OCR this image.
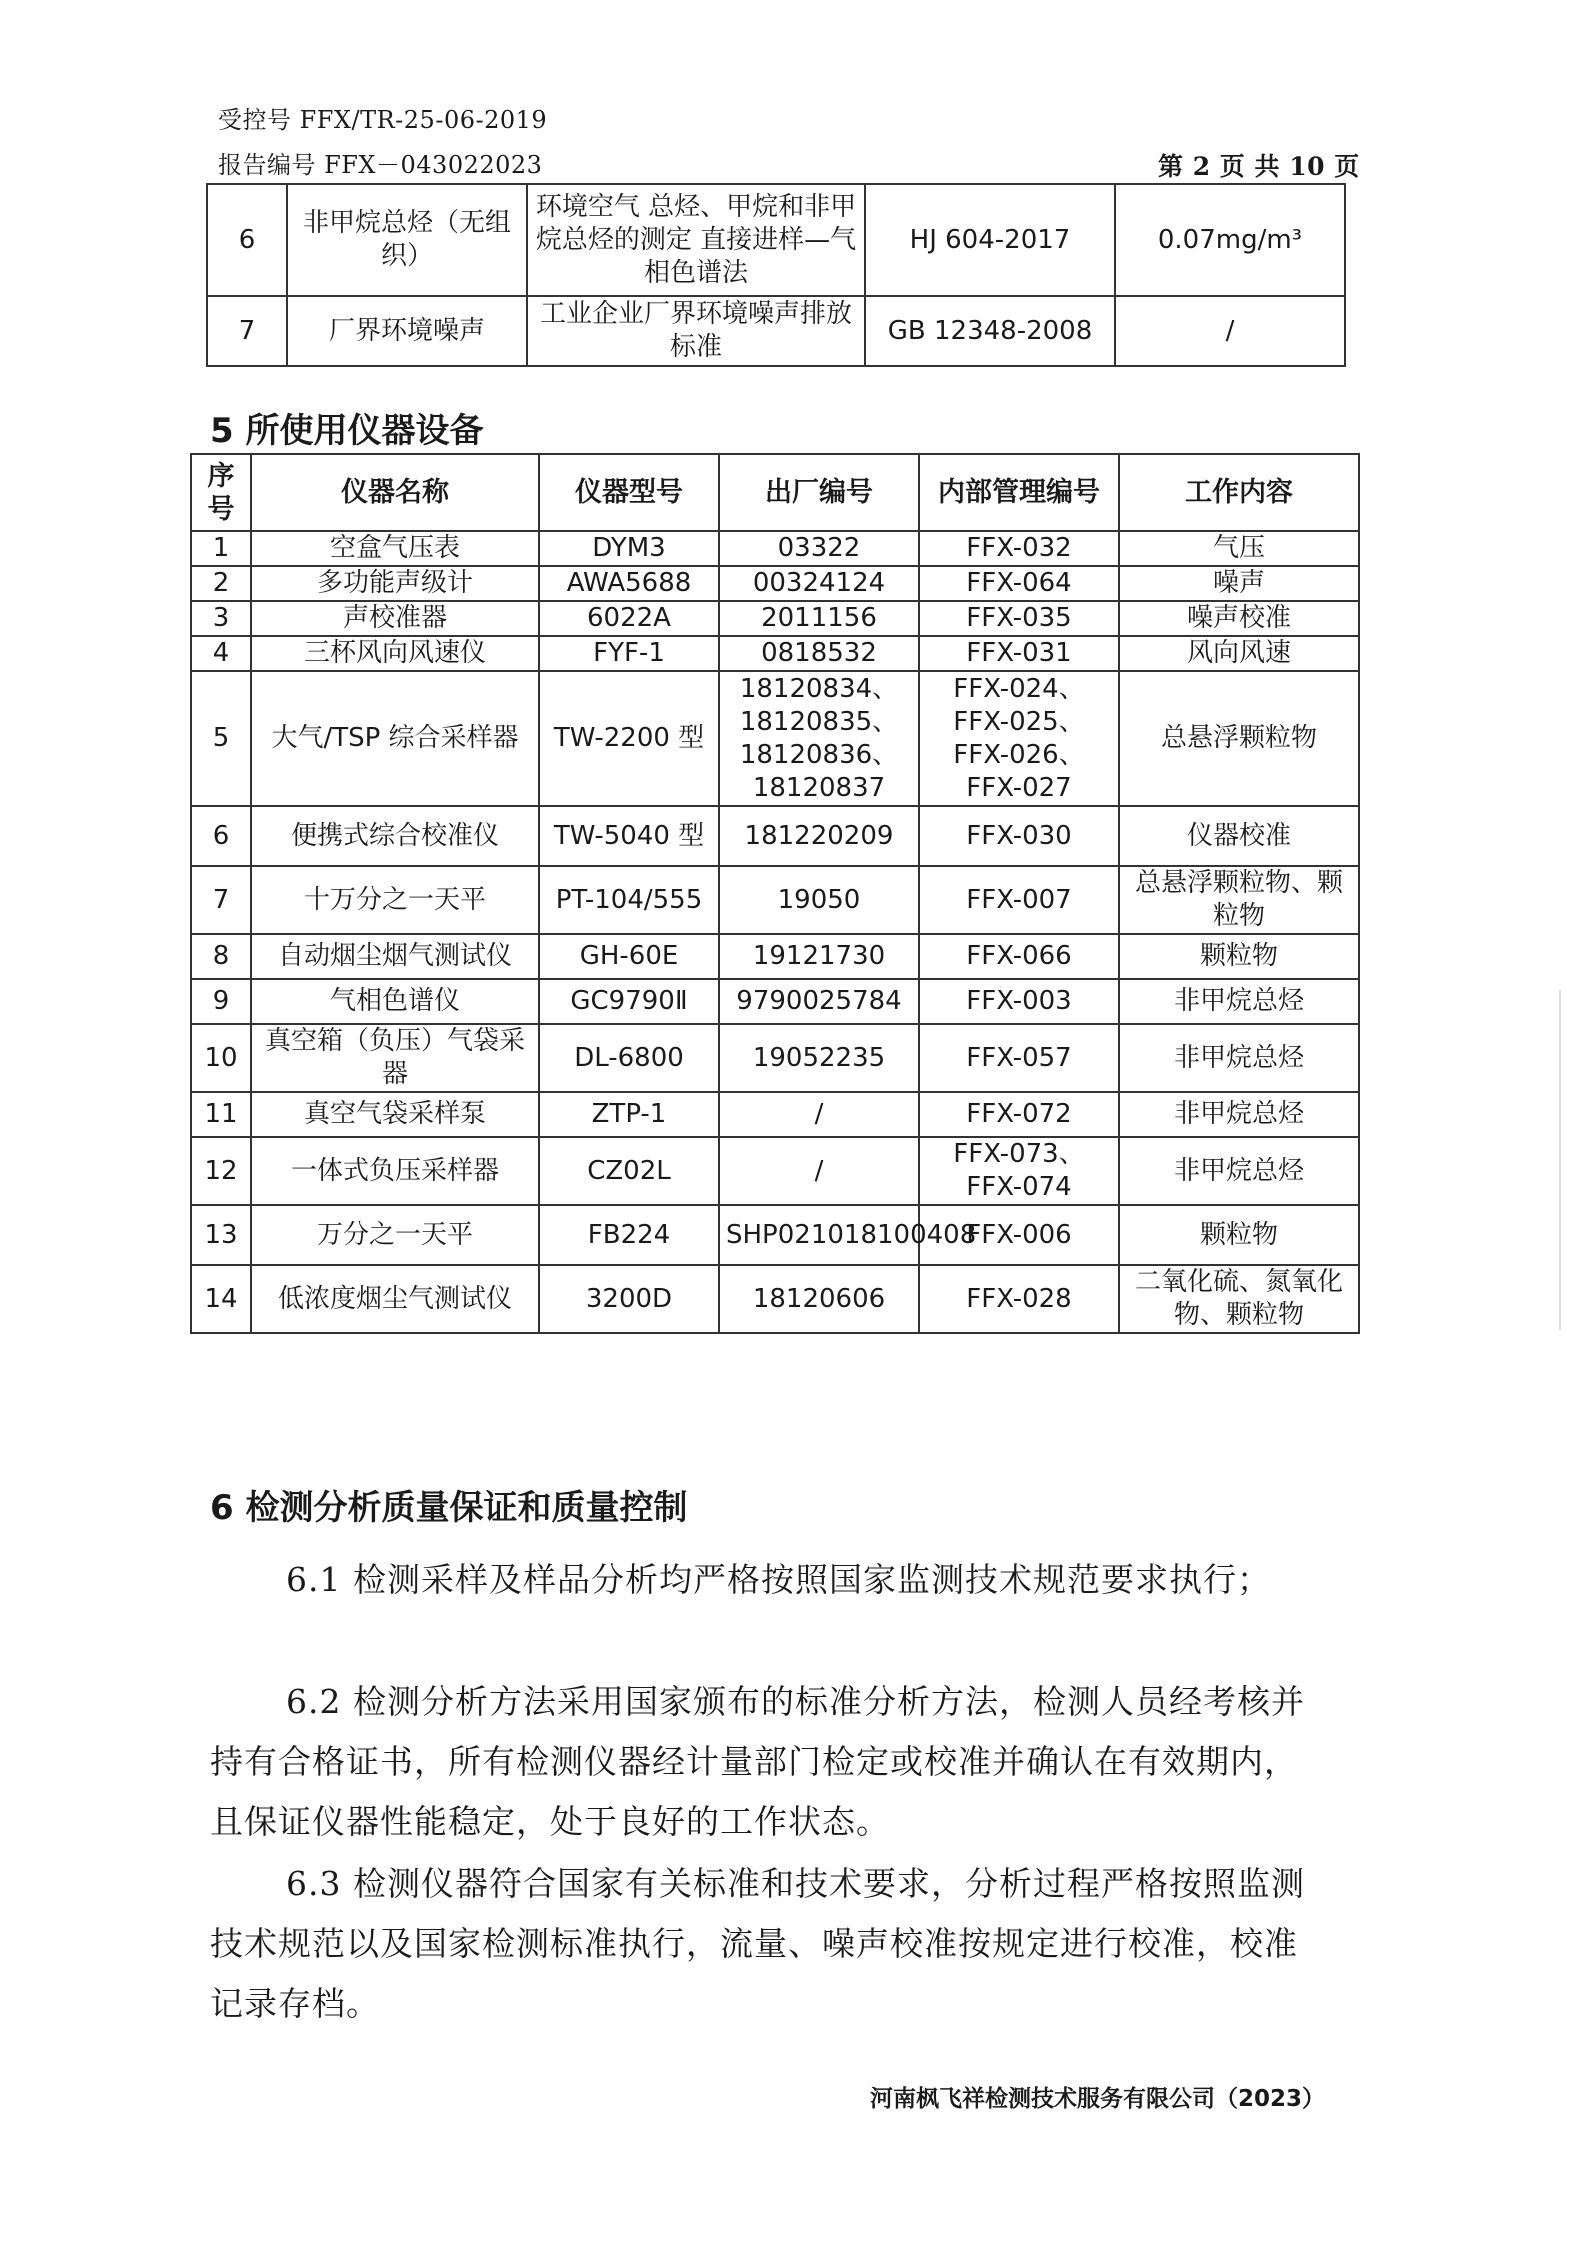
受控号 FFX/TR-25-06-2019
报告编号 FFX－043022023	第 2 页 共 10 页
6	非甲烷总烃（无组织）	环境空气 总烃、甲烷和非甲烷总烃的测定 直接进样—气相色谱法	HJ 604-2017	0.07mg/m³
7	厂界环境噪声	工业企业厂界环境噪声排放标准	GB 12348-2008	/
5 所使用仪器设备
序号	仪器名称	仪器型号	出厂编号	内部管理编号	工作内容
1	空盒气压表	DYM3	03322	FFX-032	气压
2	多功能声级计	AWA5688	00324124	FFX-064	噪声
3	声校准器	6022A	2011156	FFX-035	噪声校准
4	三杯风向风速仪	FYF-1	0818532	FFX-031	风向风速
5	大气/TSP 综合采样器	TW-2200 型	18120834、18120835、18120836、18120837	FFX-024、FFX-025、FFX-026、FFX-027	总悬浮颗粒物
6	便携式综合校准仪	TW-5040 型	181220209	FFX-030	仪器校准
7	十万分之一天平	PT-104/555	19050	FFX-007	总悬浮颗粒物、颗粒物
8	自动烟尘烟气测试仪	GH-60E	19121730	FFX-066	颗粒物
9	气相色谱仪	GC9790Ⅱ	9790025784	FFX-003	非甲烷总烃
10	真空箱（负压）气袋采器	DL-6800	19052235	FFX-057	非甲烷总烃
11	真空气袋采样泵	ZTP-1	/	FFX-072	非甲烷总烃
12	一体式负压采样器	CZ02L	/	FFX-073、FFX-074	非甲烷总烃
13	万分之一天平	FB224	SHP021018100408	FFX-006	颗粒物
14	低浓度烟尘气测试仪	3200D	18120606	FFX-028	二氧化硫、氮氧化物、颗粒物
6 检测分析质量保证和质量控制
6.1 检测采样及样品分析均严格按照国家监测技术规范要求执行；
6.2 检测分析方法采用国家颁布的标准分析方法，检测人员经考核并持有合格证书，所有检测仪器经计量部门检定或校准并确认在有效期内，且保证仪器性能稳定，处于良好的工作状态。
6.3 检测仪器符合国家有关标准和技术要求，分析过程严格按照监测技术规范以及国家检测标准执行，流量、噪声校准按规定进行校准，校准记录存档。
河南枫飞祥检测技术服务有限公司（2023）
